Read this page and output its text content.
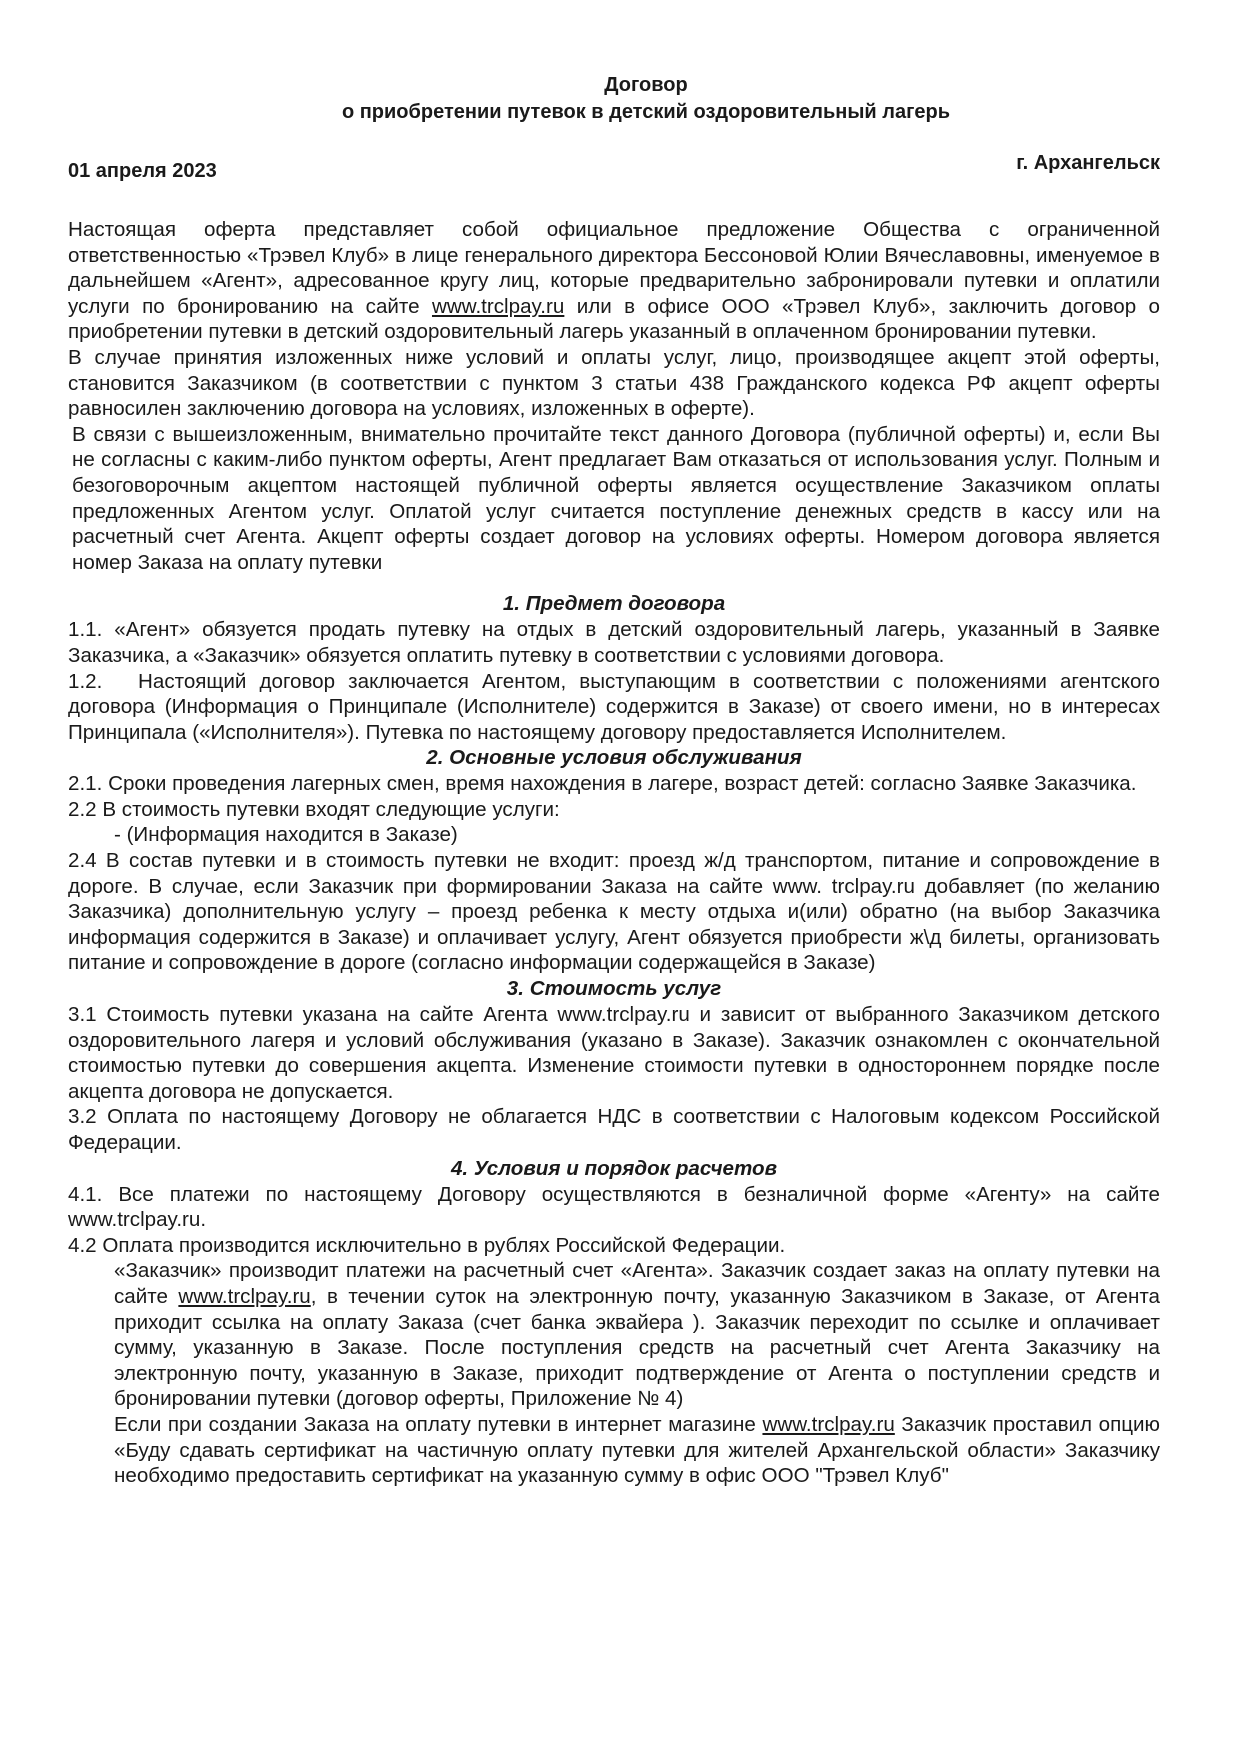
Договор
о приобретении путевок в детский оздоровительный лагерь
01 апреля 2023	г. Архангельск

Настоящая оферта представляет собой официальное предложение Общества с ограниченной ответственностью «Трэвел Клуб» в лице генерального директора Бессоновой Юлии Вячеславовны, именуемое в дальнейшем «Агент», адресованное кругу лиц, которые предварительно забронировали путевки и оплатили услуги по бронированию на сайте www.trclpay.ru или в офисе ООО «Трэвел Клуб», заключить договор о приобретении путевки в детский оздоровительный лагерь указанный в оплаченном бронировании путевки.

В случае принятия изложенных ниже условий и оплаты услуг, лицо, производящее акцепт этой оферты, становится Заказчиком (в соответствии с пунктом 3 статьи 438 Гражданского кодекса РФ акцепт оферты равносилен заключению договора на условиях, изложенных в оферте).

В связи с вышеизложенным, внимательно прочитайте текст данного Договора (публичной оферты) и, если Вы не согласны с каким-либо пунктом оферты, Агент предлагает Вам отказаться от использования услуг. Полным и безоговорочным акцептом настоящей публичной оферты является осуществление Заказчиком оплаты предложенных Агентом услуг. Оплатой услуг считается поступление денежных средств в кассу или на расчетный счет Агента. Акцепт оферты создает договор на условиях оферты. Номером договора является номер Заказа на оплату путевки

1. Предмет договора

1.1. «Агент» обязуется продать путевку на отдых в детский оздоровительный лагерь, указанный в Заявке Заказчика, а «Заказчик» обязуется оплатить путевку в соответствии с условиями договора.

1.2. Настоящий договор заключается Агентом, выступающим в соответствии с положениями агентского договора (Информация о Принципале (Исполнителе) содержится в Заказе) от своего имени, но в интересах Принципала («Исполнителя»). Путевка по настоящему договору предоставляется Исполнителем.

2. Основные условия обслуживания

2.1. Сроки проведения лагерных смен, время нахождения в лагере, возраст детей: согласно Заявке Заказчика.

2.2 В стоимость путевки входят следующие услуги:

- (Информация находится в Заказе)

2.4 В состав путевки и в стоимость путевки не входит: проезд ж/д транспортом, питание и сопровождение в дороге. В случае, если Заказчик при формировании Заказа на сайте www. trclpay.ru добавляет (по желанию Заказчика) дополнительную услугу – проезд ребенка к месту отдыха и(или) обратно (на выбор Заказчика информация содержится в Заказе) и оплачивает услугу, Агент обязуется приобрести ж\д билеты, организовать питание и сопровождение в дороге (согласно информации содержащейся в Заказе)

3. Стоимость услуг

3.1 Стоимость путевки указана на сайте Агента www.trclpay.ru и зависит от выбранного Заказчиком детского оздоровительного лагеря и условий обслуживания (указано в Заказе). Заказчик ознакомлен с окончательной стоимостью путевки до совершения акцепта. Изменение стоимости путевки в одностороннем порядке после акцепта договора не допускается.

3.2 Оплата по настоящему Договору не облагается НДС в соответствии с Налоговым кодексом Российской Федерации.

4. Условия и порядок расчетов

4.1. Все платежи по настоящему Договору осуществляются в безналичной форме «Агенту» на сайте www.trclpay.ru.

4.2 Оплата производится исключительно в рублях Российской Федерации.

«Заказчик» производит платежи на расчетный счет «Агента». Заказчик создает заказ на оплату путевки на сайте www.trclpay.ru, в течении суток на электронную почту, указанную Заказчиком в Заказе, от Агента приходит ссылка на оплату Заказа (счет банка эквайера ). Заказчик переходит по ссылке и оплачивает сумму, указанную в Заказе. После поступления средств на расчетный счет Агента Заказчику на электронную почту, указанную в Заказе, приходит подтверждение от Агента о поступлении средств и бронировании путевки (договор оферты, Приложение № 4)

Если при создании Заказа на оплату путевки в интернет магазине www.trclpay.ru Заказчик проставил опцию «Буду сдавать сертификат на частичную оплату путевки для жителей Архангельской области» Заказчику необходимо предоставить сертификат на указанную сумму в офис ООО "Трэвел Клуб"
